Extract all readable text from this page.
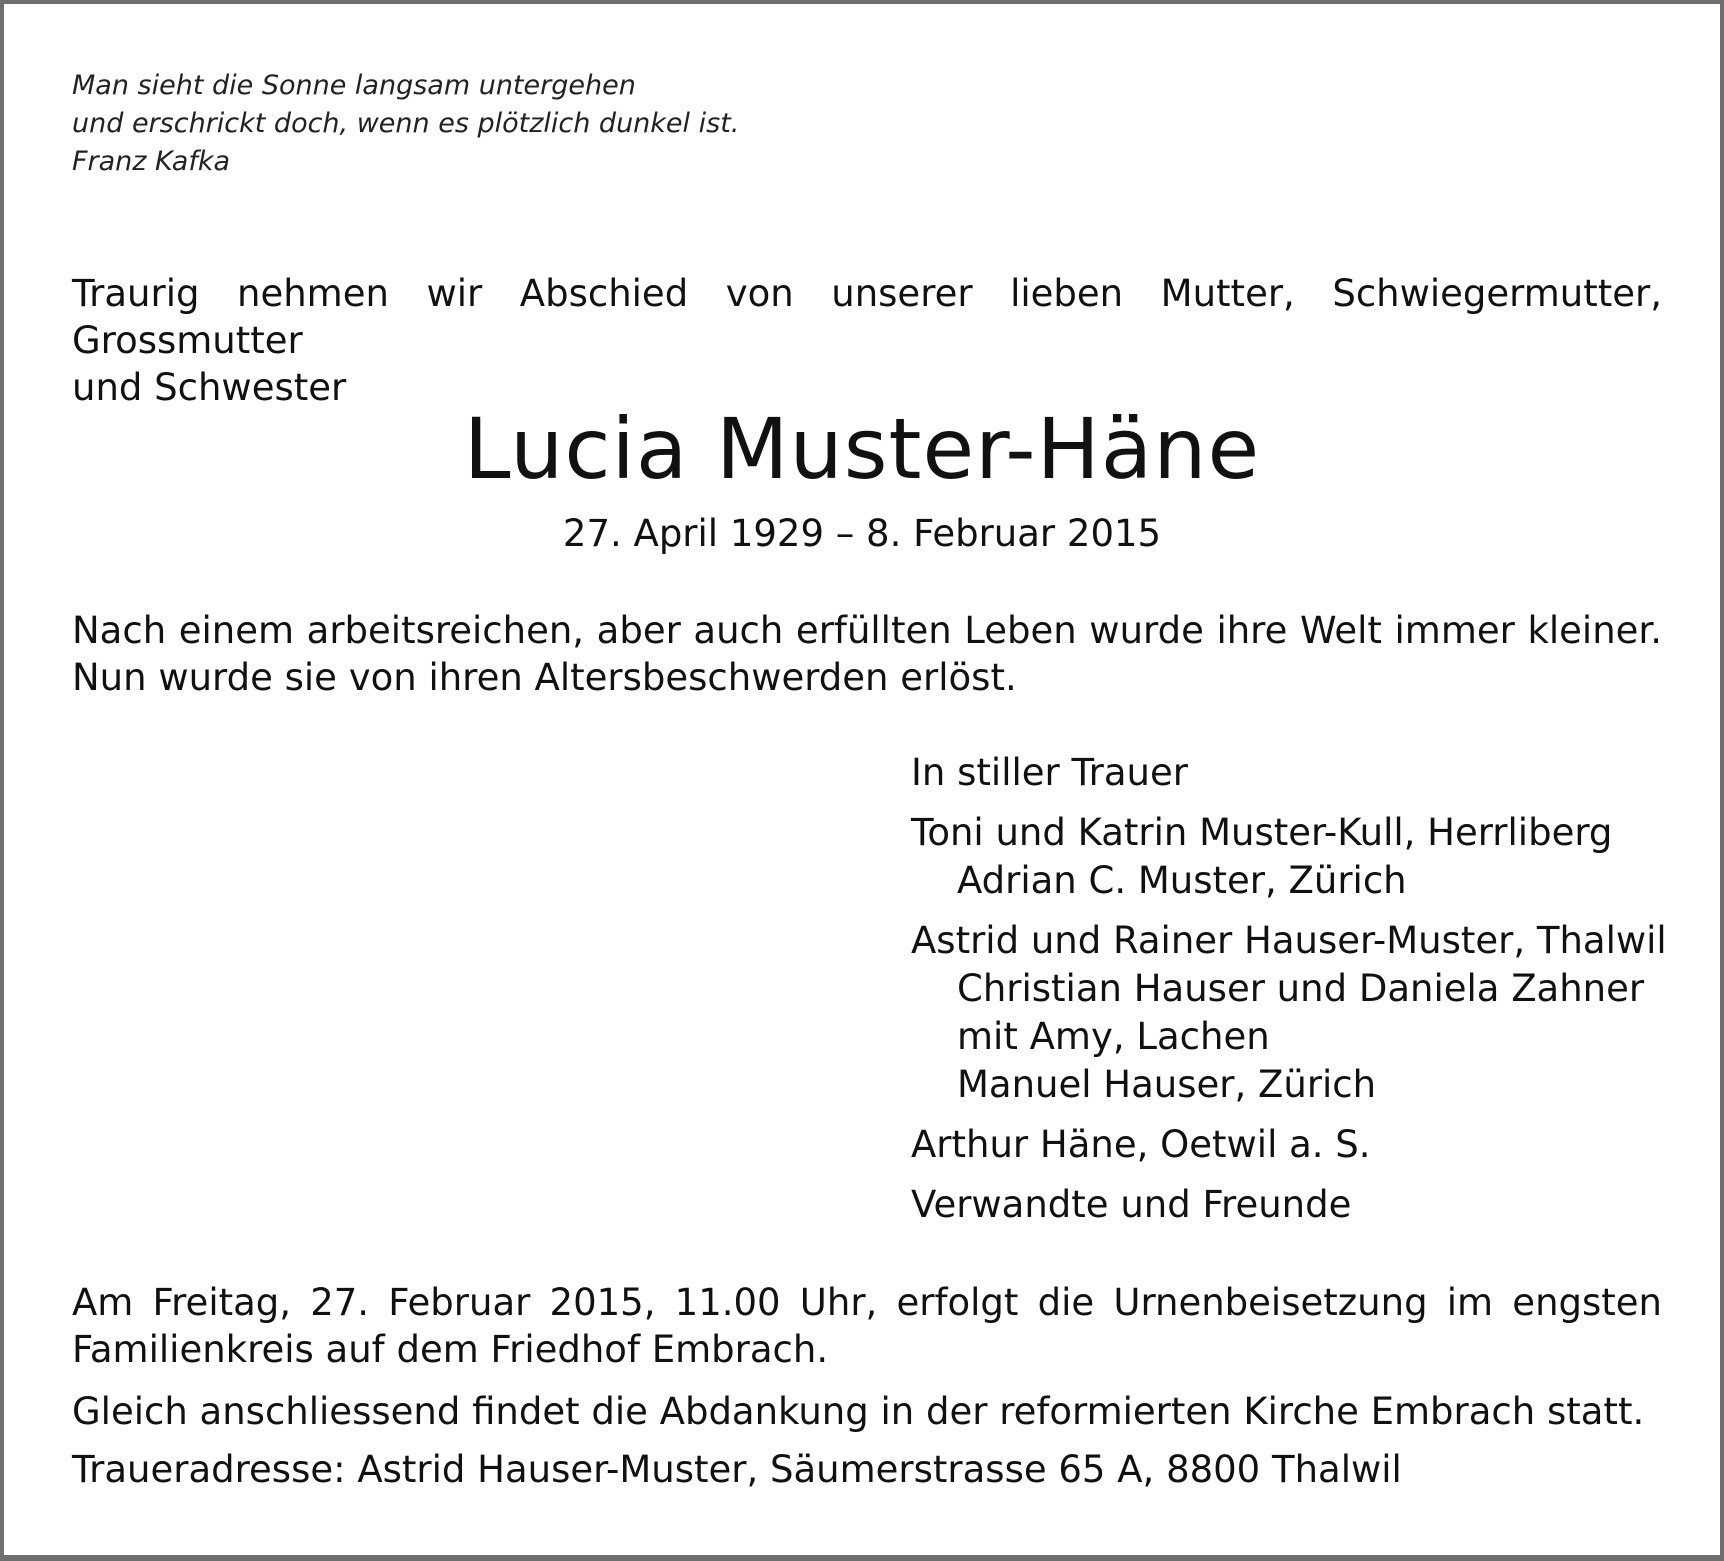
Man sieht die Sonne langsam untergehen
und erschrickt doch, wenn es plötzlich dunkel ist.
Franz Kafka
Traurig nehmen wir Abschied von unserer lieben Mutter, Schwiegermutter, Grossmutter
und Schwester
Lucia Muster-Häne
27. April 1929 – 8. Februar 2015
Nach einem arbeitsreichen, aber auch erfüllten Leben wurde ihre Welt immer kleiner.
Nun wurde sie von ihren Altersbeschwerden erlöst.
In stiller Trauer
Toni und Katrin Muster-Kull, Herrliberg
Adrian C. Muster, Zürich
Astrid und Rainer Hauser-Muster, Thalwil
Christian Hauser und Daniela Zahner
mit Amy, Lachen
Manuel Hauser, Zürich
Arthur Häne, Oetwil a. S.
Verwandte und Freunde
Am Freitag, 27. Februar 2015, 11.00 Uhr, erfolgt die Urnenbeisetzung im engsten
Familienkreis auf dem Friedhof Embrach.
Gleich anschliessend findet die Abdankung in der reformierten Kirche Embrach statt.
Traueradresse: Astrid Hauser-Muster, Säumerstrasse 65 A, 8800 Thalwil
